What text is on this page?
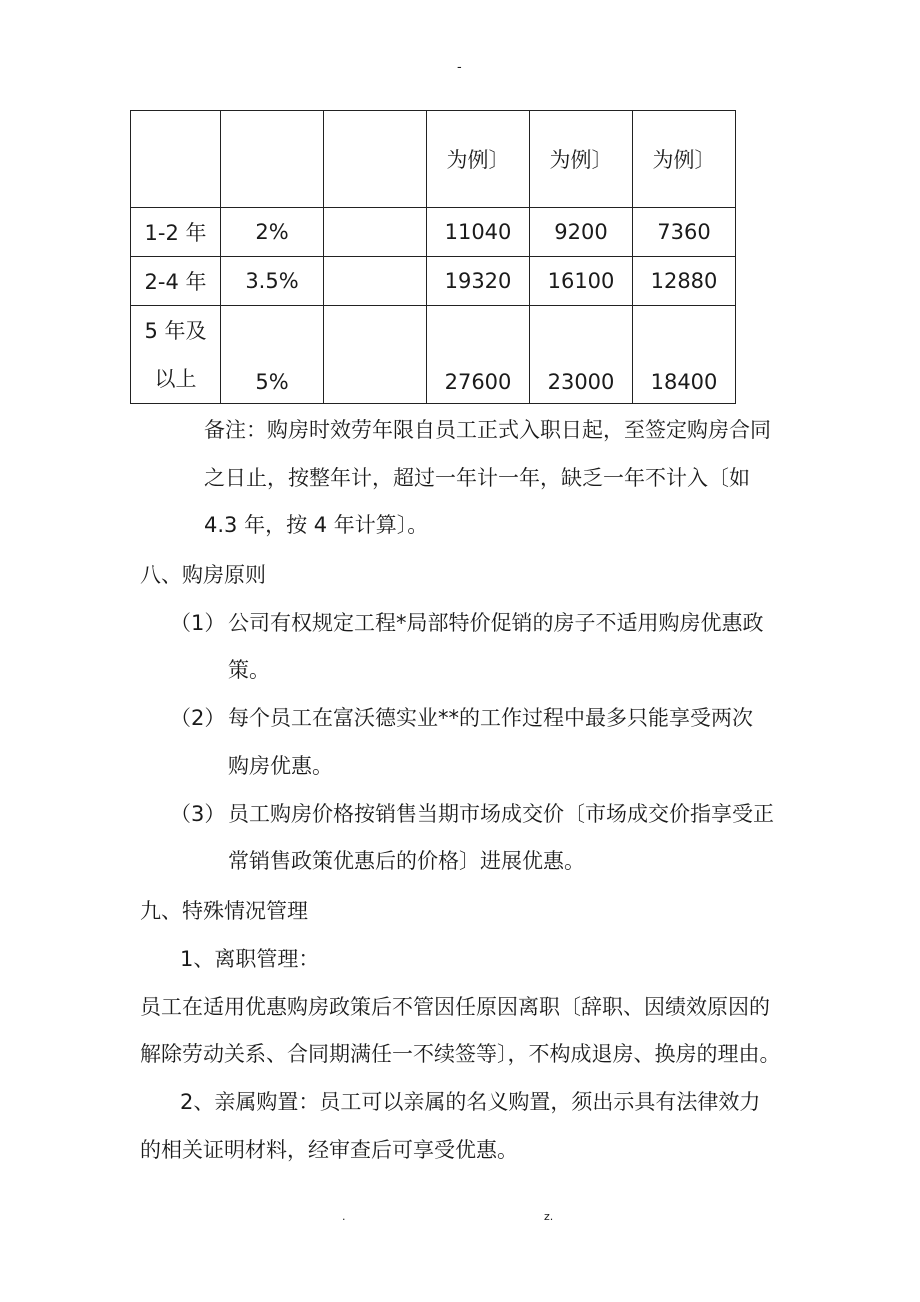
-
			为例〕	为例〕	为例〕
1-2 年	2%		11040	9200	7360
2-4 年	3.5%		19320	16100	12880

5 年及
以上	5%		27600	23000	18400
备注：购房时效劳年限自员工正式入职日起，至签定购房合同
之日止，按整年计，超过一年计一年，缺乏一年不计入〔如
4.3 年，按 4 年计算〕。
八、购房原则
（1） 公司有权规定工程*局部特价促销的房子不适用购房优惠政
策。
（2） 每个员工在富沃德实业**的工作过程中最多只能享受两次
购房优惠。
（3） 员工购房价格按销售当期市场成交价〔市场成交价指享受正
常销售政策优惠后的价格〕进展优惠。
九、特殊情况管理
1、离职管理：
员工在适用优惠购房政策后不管因任原因离职〔辞职、因绩效原因的
解除劳动关系、合同期满任一不续签等〕，不构成退房、换房的理由。
2、亲属购置：员工可以亲属的名义购置，须出示具有法律效力
的相关证明材料，经审查后可享受优惠。
.	z.
